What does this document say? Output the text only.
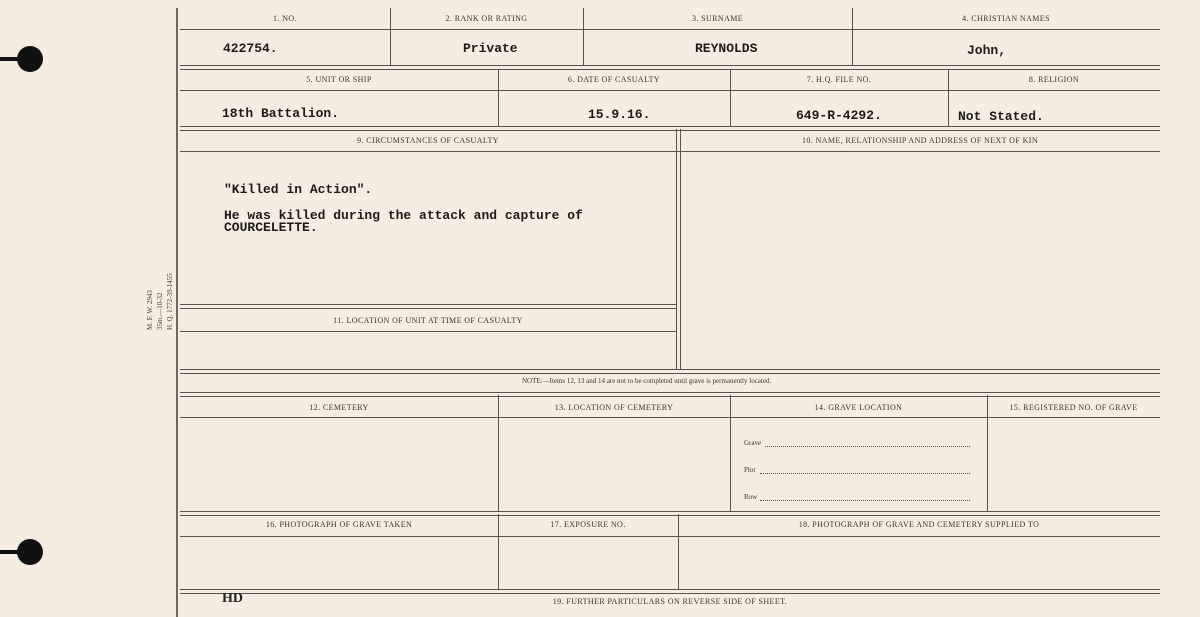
M. F. W. 2943 35m.—10-32 H. Q. 1772-39-1455
1. NO.	2. RANK OR RATING	3. SURNAME	4. CHRISTIAN NAMES
422754.	Private	REYNOLDS	John,
5. UNIT OR SHIP	6. DATE OF CASUALTY	7. H.Q. FILE NO.	8. RELIGION
18th Battalion.	15.9.16.	649-R-4292.	Not Stated.
9. CIRCUMSTANCES OF CASUALTY	10. NAME, RELATIONSHIP AND ADDRESS OF NEXT OF KIN
"Killed in Action".
He was killed during the attack and capture of
COURCELETTE.
11. LOCATION OF UNIT AT TIME OF CASUALTY
NOTE:—Items 12, 13 and 14 are not to be completed until grave is permanently located.
12. CEMETERY	13. LOCATION OF CEMETERY	14. GRAVE LOCATION	15. REGISTERED NO. OF GRAVE
Grave
Plot
Row
16. PHOTOGRAPH OF GRAVE TAKEN	17. EXPOSURE NO.	18. PHOTOGRAPH OF GRAVE AND CEMETERY SUPPLIED TO
19. FURTHER PARTICULARS ON REVERSE SIDE OF SHEET.
HD
